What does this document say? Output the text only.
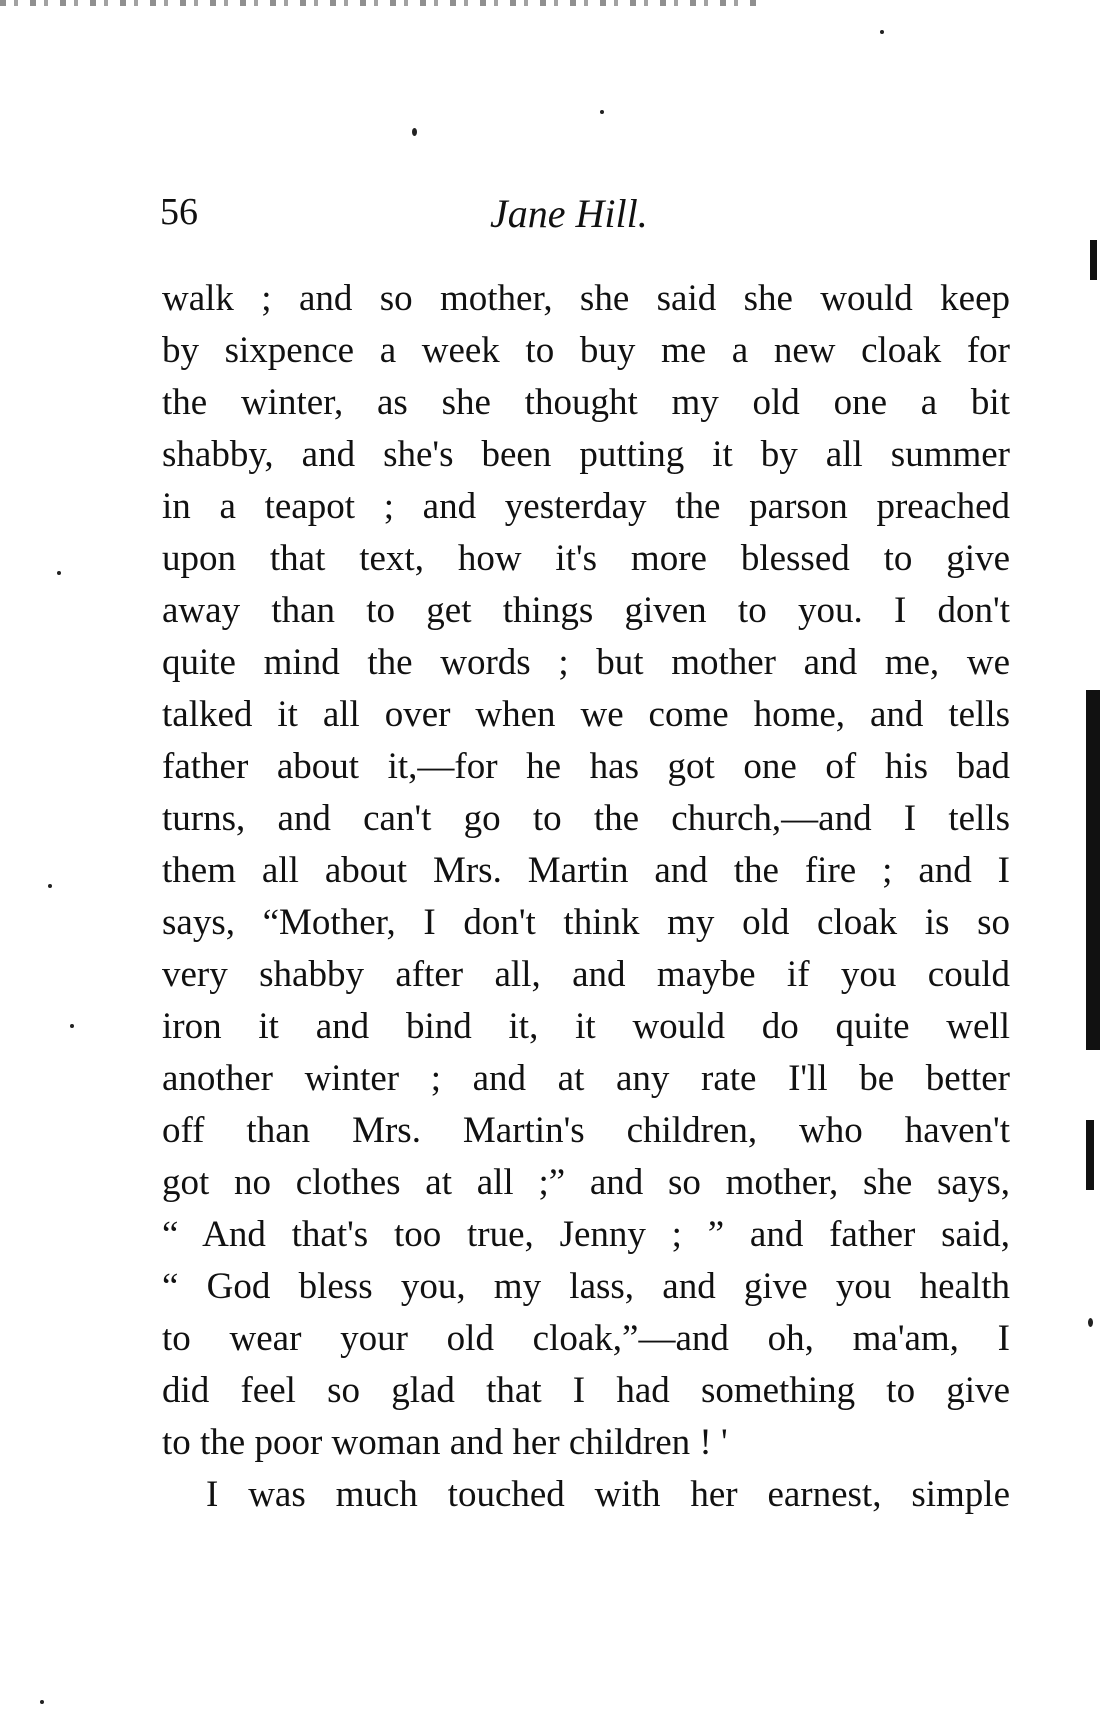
56	Jane Hill.
walk ; and so mother, she said she would keep
by sixpence a week to buy me a new cloak for
the winter, as she thought my old one a bit
shabby, and she's been putting it by all summer
in a teapot ; and yesterday the parson preached
upon that text, how it's more blessed to give
away than to get things given to you. I don't
quite mind the words ; but mother and me, we
talked it all over when we come home, and tells
father about it,—for he has got one of his bad
turns, and can't go to the church,—and I tells
them all about Mrs. Martin and the fire ; and I
says, “Mother, I don't think my old cloak is so
very shabby after all, and maybe if you could
iron it and bind it, it would do quite well
another winter ; and at any rate I'll be better
off than Mrs. Martin's children, who haven't
got no clothes at all ;” and so mother, she says,
“ And that's too true, Jenny ; ” and father said,
“ God bless you, my lass, and give you health
to wear your old cloak,”—and oh, ma'am, I
did feel so glad that I had something to give
to the poor woman and her children ! '
I was much touched with her earnest, simple
